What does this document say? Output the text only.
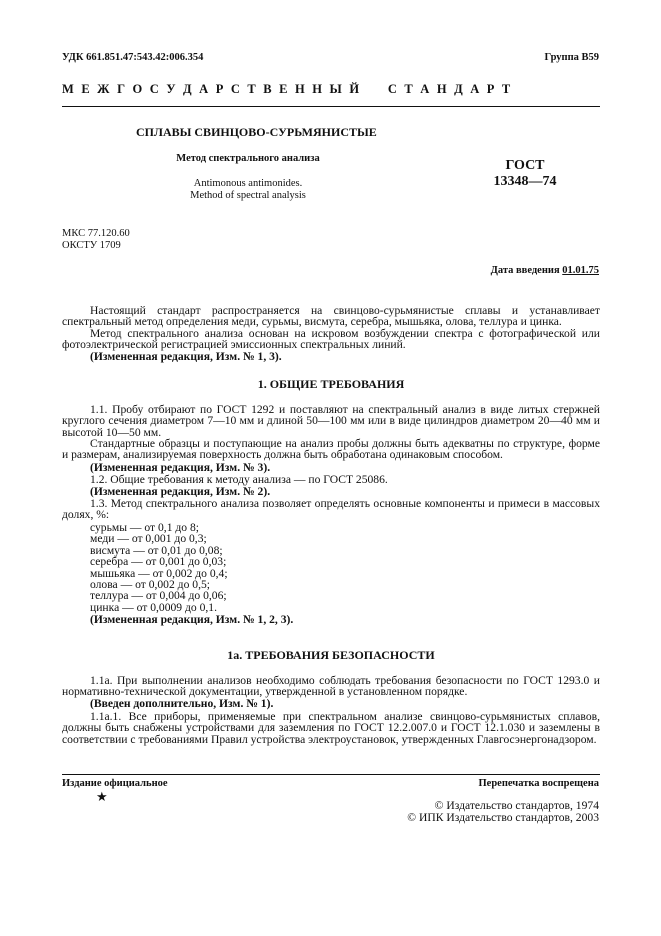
УДК 661.851.47:543.42:006.354	Группа В59
М Е Ж Г О С У Д А Р С Т В Е Н Н Ы Й     С Т А Н Д А Р Т
СПЛАВЫ СВИНЦОВО-СУРЬМЯНИСТЫЕ
Метод спектрального анализа
Antimonous antimonides.
Method of spectral analysis
ГОСТ
13348—74
МКС 77.120.60
ОКСТУ 1709
Дата введения 01.01.75
Настоящий стандарт распространяется на свинцово-сурьмянистые сплавы и устанавливает спектральный метод определения меди, сурьмы, висмута, серебра, мышьяка, олова, теллура и цинка.
Метод спектрального анализа основан на искровом возбуждении спектра с фотографической или фотоэлектрической регистрацией эмиссионных спектральных линий.
(Измененная редакция, Изм. № 1, 3).
1. ОБЩИЕ ТРЕБОВАНИЯ
1.1. Пробу отбирают по ГОСТ 1292 и поставляют на спектральный анализ в виде литых стержней круглого сечения диаметром 7—10 мм и длиной 50—100 мм или в виде цилиндров диаметром 20—40 мм и высотой 10—50 мм.
Стандартные образцы и поступающие на анализ пробы должны быть адекватны по структуре, форме и размерам, анализируемая поверхность должна быть обработана одинаковым способом.
(Измененная редакция, Изм. № 3).
1.2. Общие требования к методу анализа — по ГОСТ 25086.
(Измененная редакция, Изм. № 2).
1.3. Метод спектрального анализа позволяет определять основные компоненты и примеси в массовых долях, %:
сурьмы — от 0,1 до 8;
меди — от 0,001 до 0,3;
висмута — от 0,01 до 0,08;
серебра — от 0,001 до 0,03;
мышьяка — от 0,002 до 0,4;
олова — от 0,002 до 0,5;
теллура — от 0,004 до 0,06;
цинка — от 0,0009 до 0,1.
(Измененная редакция, Изм. № 1, 2, 3).
1а. ТРЕБОВАНИЯ БЕЗОПАСНОСТИ
1.1а. При выполнении анализов необходимо соблюдать требования безопасности по ГОСТ 1293.0 и нормативно-технической документации, утвержденной в установленном порядке.
(Введен дополнительно, Изм. № 1).
1.1а.1. Все приборы, применяемые при спектральном анализе свинцово-сурьмянистых сплавов, должны быть снабжены устройствами для заземления по ГОСТ 12.2.007.0 и ГОСТ 12.1.030 и заземлены в соответствии с требованиями Правил устройства электроустановок, утвержденных Главгосэнергонадзором.
Издание официальное
★
Перепечатка воспрещена
© Издательство стандартов, 1974
© ИПК Издательство стандартов, 2003
